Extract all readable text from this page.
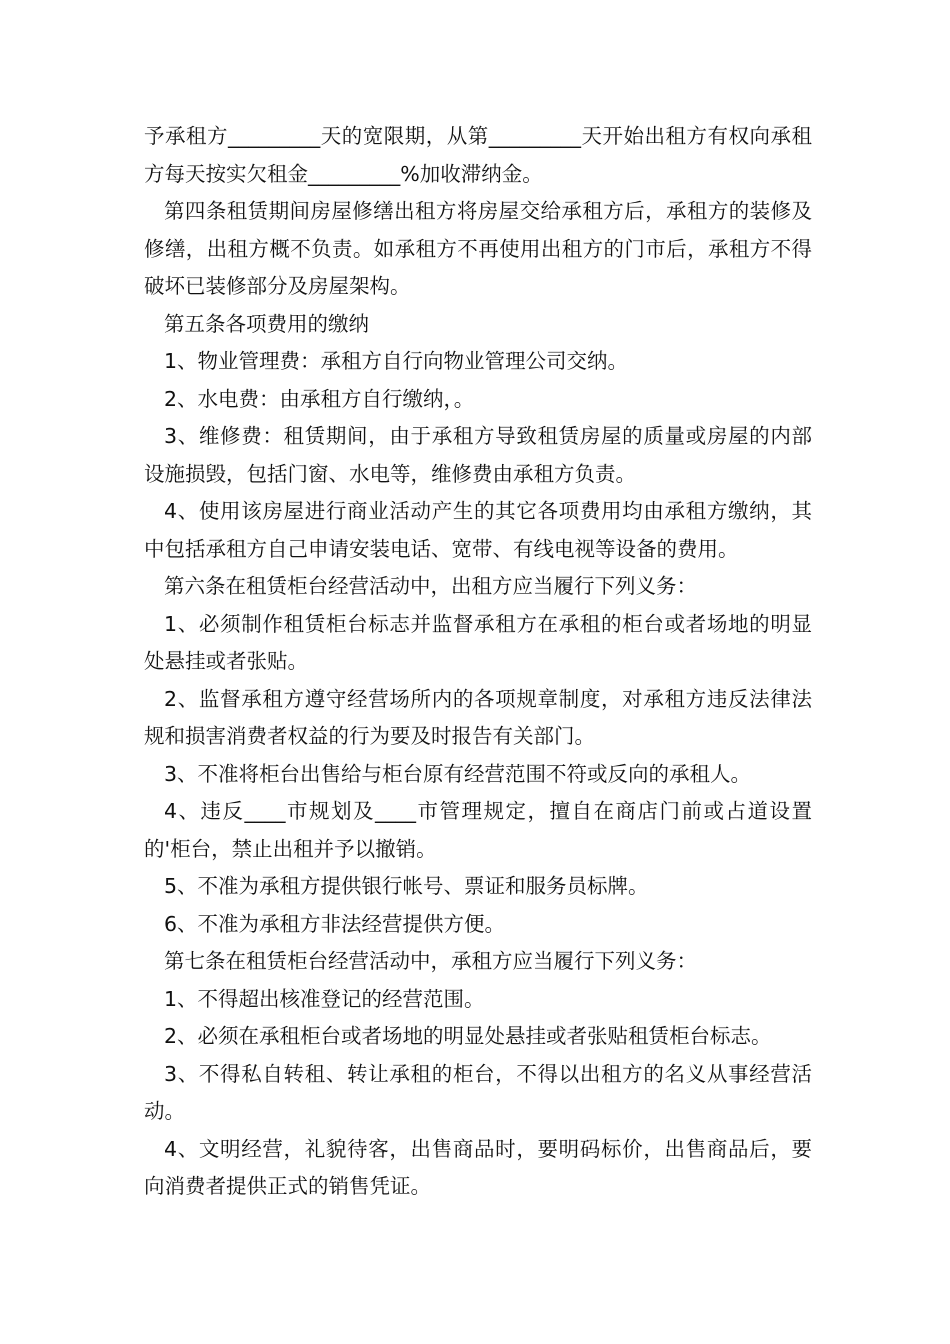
予承租方_________天的宽限期，从第_________天开始出租方有权向承租方每天按实欠租金_________%加收滞纳金。

第四条租赁期间房屋修缮出租方将房屋交给承租方后，承租方的装修及修缮，出租方概不负责。如承租方不再使用出租方的门市后，承租方不得破坏已装修部分及房屋架构。

第五条各项费用的缴纳

1、物业管理费：承租方自行向物业管理公司交纳。

2、水电费：由承租方自行缴纳，。

3、维修费：租赁期间，由于承租方导致租赁房屋的质量或房屋的内部设施损毁，包括门窗、水电等，维修费由承租方负责。

4、使用该房屋进行商业活动产生的其它各项费用均由承租方缴纳，其中包括承租方自己申请安装电话、宽带、有线电视等设备的费用。

第六条在租赁柜台经营活动中，出租方应当履行下列义务：

1、必须制作租赁柜台标志并监督承租方在承租的柜台或者场地的明显处悬挂或者张贴。

2、监督承租方遵守经营场所内的各项规章制度，对承租方违反法律法规和损害消费者权益的行为要及时报告有关部门。

3、不准将柜台出售给与柜台原有经营范围不符或反向的承租人。

4、违反____市规划及____市管理规定，擅自在商店门前或占道设置的'柜台，禁止出租并予以撤销。

5、不准为承租方提供银行帐号、票证和服务员标牌。

6、不准为承租方非法经营提供方便。

第七条在租赁柜台经营活动中，承租方应当履行下列义务：

1、不得超出核准登记的经营范围。

2、必须在承租柜台或者场地的明显处悬挂或者张贴租赁柜台标志。

3、不得私自转租、转让承租的柜台，不得以出租方的名义从事经营活动。

4、文明经营，礼貌待客，出售商品时，要明码标价，出售商品后，要向消费者提供正式的销售凭证。
